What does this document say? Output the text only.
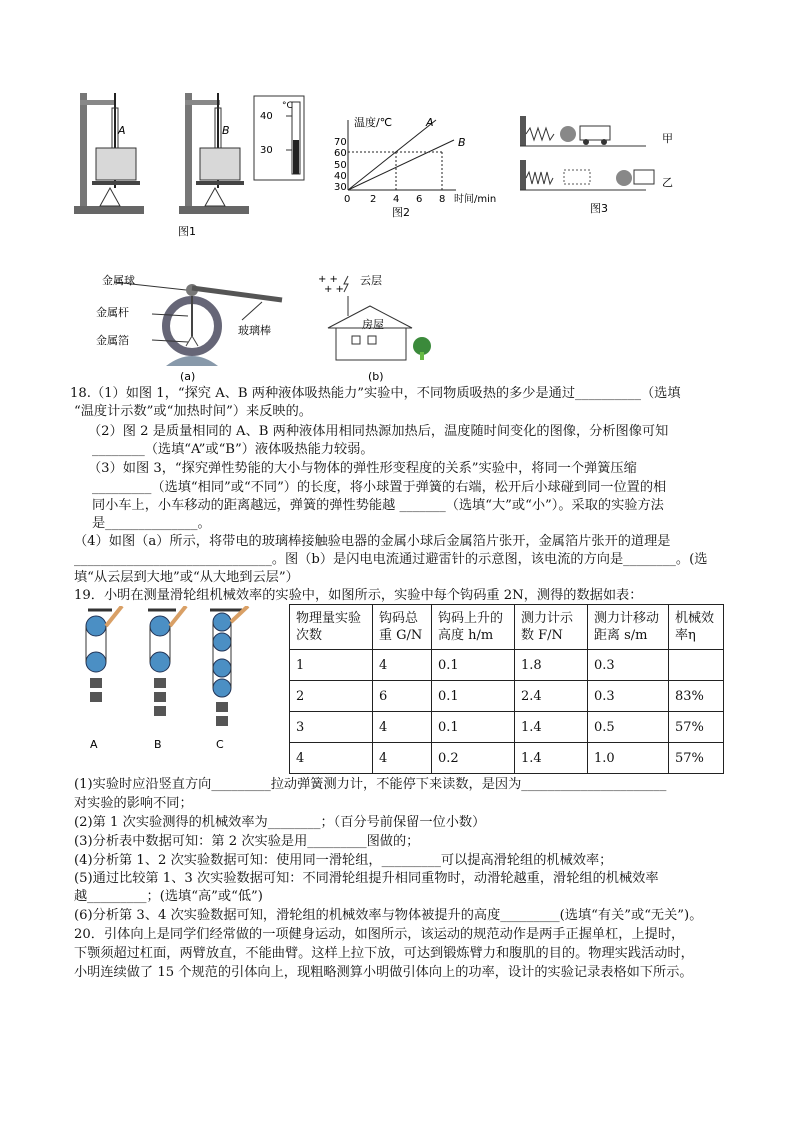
A	B
40
30
°C
图1
温度/℃
70
60
50
40
30
0 2 4 6 8 时间/min
A
B
图2
甲
乙
图3
金属球
金属杆
金属箔
玻璃棒
(a)
+ +
+ +
云层
房屋
(b)
18.（1）如图 1，“探究 A、B 两种液体吸热能力”实验中，不同物质吸热的多少是通过__________（选填
“温度计示数”或“加热时间”）来反映的。
（2）图 2 是质量相同的 A、B 两种液体用相同热源加热后，温度随时间变化的图像，分析图像可知
________（选填“A”或“B”）液体吸热能力较弱。
（3）如图 3，“探究弹性势能的大小与物体的弹性形变程度的关系”实验中，将同一个弹簧压缩
_________（选填“相同”或“不同”）的长度，将小球置于弹簧的右端，松开后小球碰到同一位置的相
同小车上，小车移动的距离越远，弹簧的弹性势能越 _______（选填“大”或“小”）。采取的实验方法
是______________。
（4）如图（a）所示，将带电的玻璃棒接触验电器的金属小球后金属箔片张开，金属箔片张开的道理是
______________________________。图（b）是闪电电流通过避雷针的示意图，该电流的方向是________。(选
填“从云层到大地”或“从大地到云层”）
19．小明在测量滑轮组机械效率的实验中，如图所示，实验中每个钩码重 2N，测得的数据如表：
A	B	C
物理量实验次数	钩码总重 G/N	钩码上升的高度 h/m	测力计示数 F/N	测力计移动距离 s/m	机械效率η
1	4	0.1	1.8	0.3	
2	6	0.1	2.4	0.3	83%
3	4	0.1	1.4	0.5	57%
4	4	0.2	1.4	1.0	57%
(1)实验时应沿竖直方向_________拉动弹簧测力计，不能停下来读数，是因为______________________
对实验的影响不同；
(2)第 1 次实验测得的机械效率为________；（百分号前保留一位小数）
(3)分析表中数据可知：第 2 次实验是用_________图做的；
(4)分析第 1、2 次实验数据可知：使用同一滑轮组，_________可以提高滑轮组的机械效率；
(5)通过比较第 1、3 次实验数据可知：不同滑轮组提升相同重物时，动滑轮越重，滑轮组的机械效率
越_________；(选填“高”或“低”)
(6)分析第 3、4 次实验数据可知，滑轮组的机械效率与物体被提升的高度_________(选填“有关”或“无关”)。
20．引体向上是同学们经常做的一项健身运动，如图所示，该运动的规范动作是两手正握单杠，上提时，
下颚须超过杠面，两臂放直，不能曲臂。这样上拉下放，可达到锻炼臂力和腹肌的目的。物理实践活动时，
小明连续做了 15 个规范的引体向上，现粗略测算小明做引体向上的功率，设计的实验记录表格如下所示。
